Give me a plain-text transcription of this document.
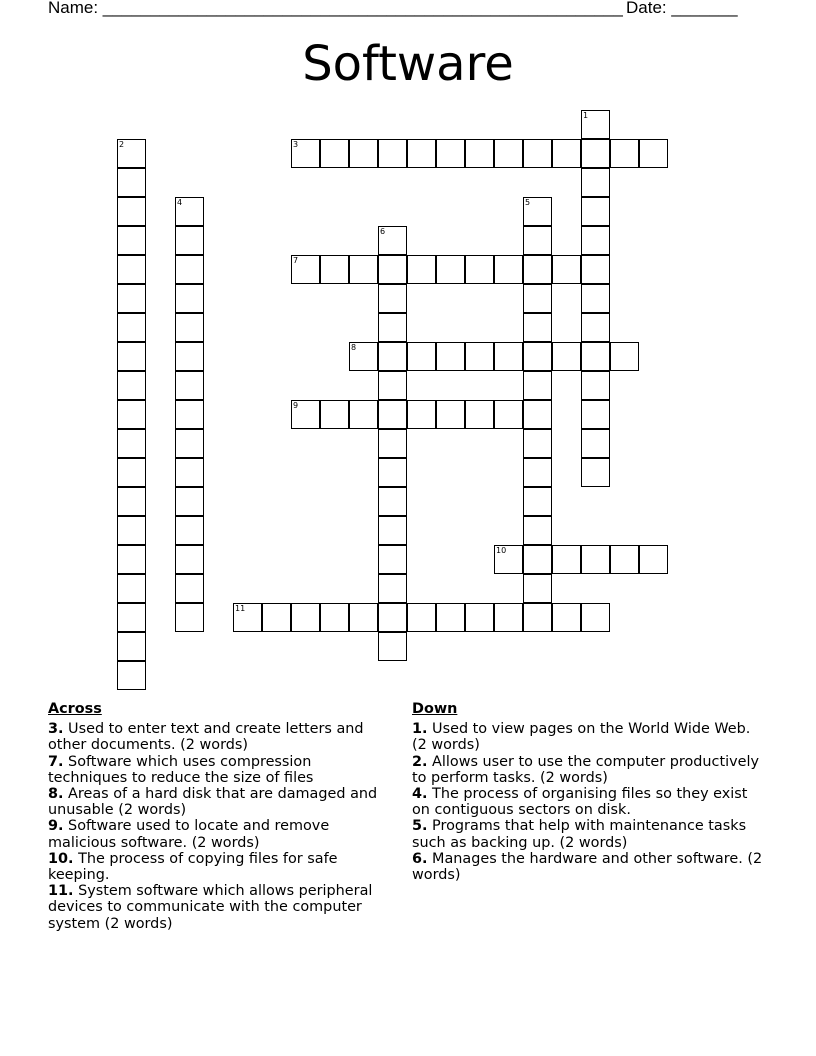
Name: _______________________________________________________ Date: _______
Software
1
2	3
4	5
6
7
8
9
10
11
Across

3. Used to enter text and create letters and other documents. (2 words)

7. Software which uses compression techniques to reduce the size of files

8. Areas of a hard disk that are damaged and unusable (2 words)

9. Software used to locate and remove malicious software. (2 words)

10. The process of copying files for safe keeping.

11. System software which allows peripheral devices to communicate with the computer system (2 words)

Down

1. Used to view pages on the World Wide Web. (2 words)

2. Allows user to use the computer productively to perform tasks. (2 words)

4. The process of organising files so they exist on contiguous sectors on disk.

5. Programs that help with maintenance tasks such as backing up. (2 words)

6. Manages the hardware and other software. (2 words)
